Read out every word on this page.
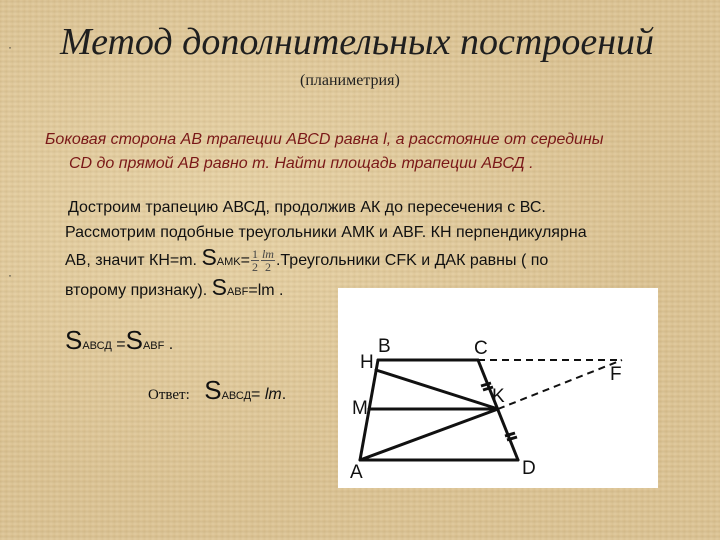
·
·
Метод дополнительных построений
(планиметрия)
Боковая сторона АВ трапеции АВСD равна l, а расстояние от середины
CD до прямой АВ равно m. Найти площадь трапеции АВСД .
Достроим трапецию АВСД, продолжив АК до пересечения с ВС.
Рассмотрим подобные треугольники АМК и АВF. КН перпендикулярна
АВ, значит КН=m. SAMK= $\frac{1}{2} \frac{lm}{2}$ .Треугольники CFK и ДАК равны ( по
второму признаку). SABF=lm .
SАВСД =SABF .
Ответ: SАВСД= lm.
B	C
H
M
K
F
A	D
